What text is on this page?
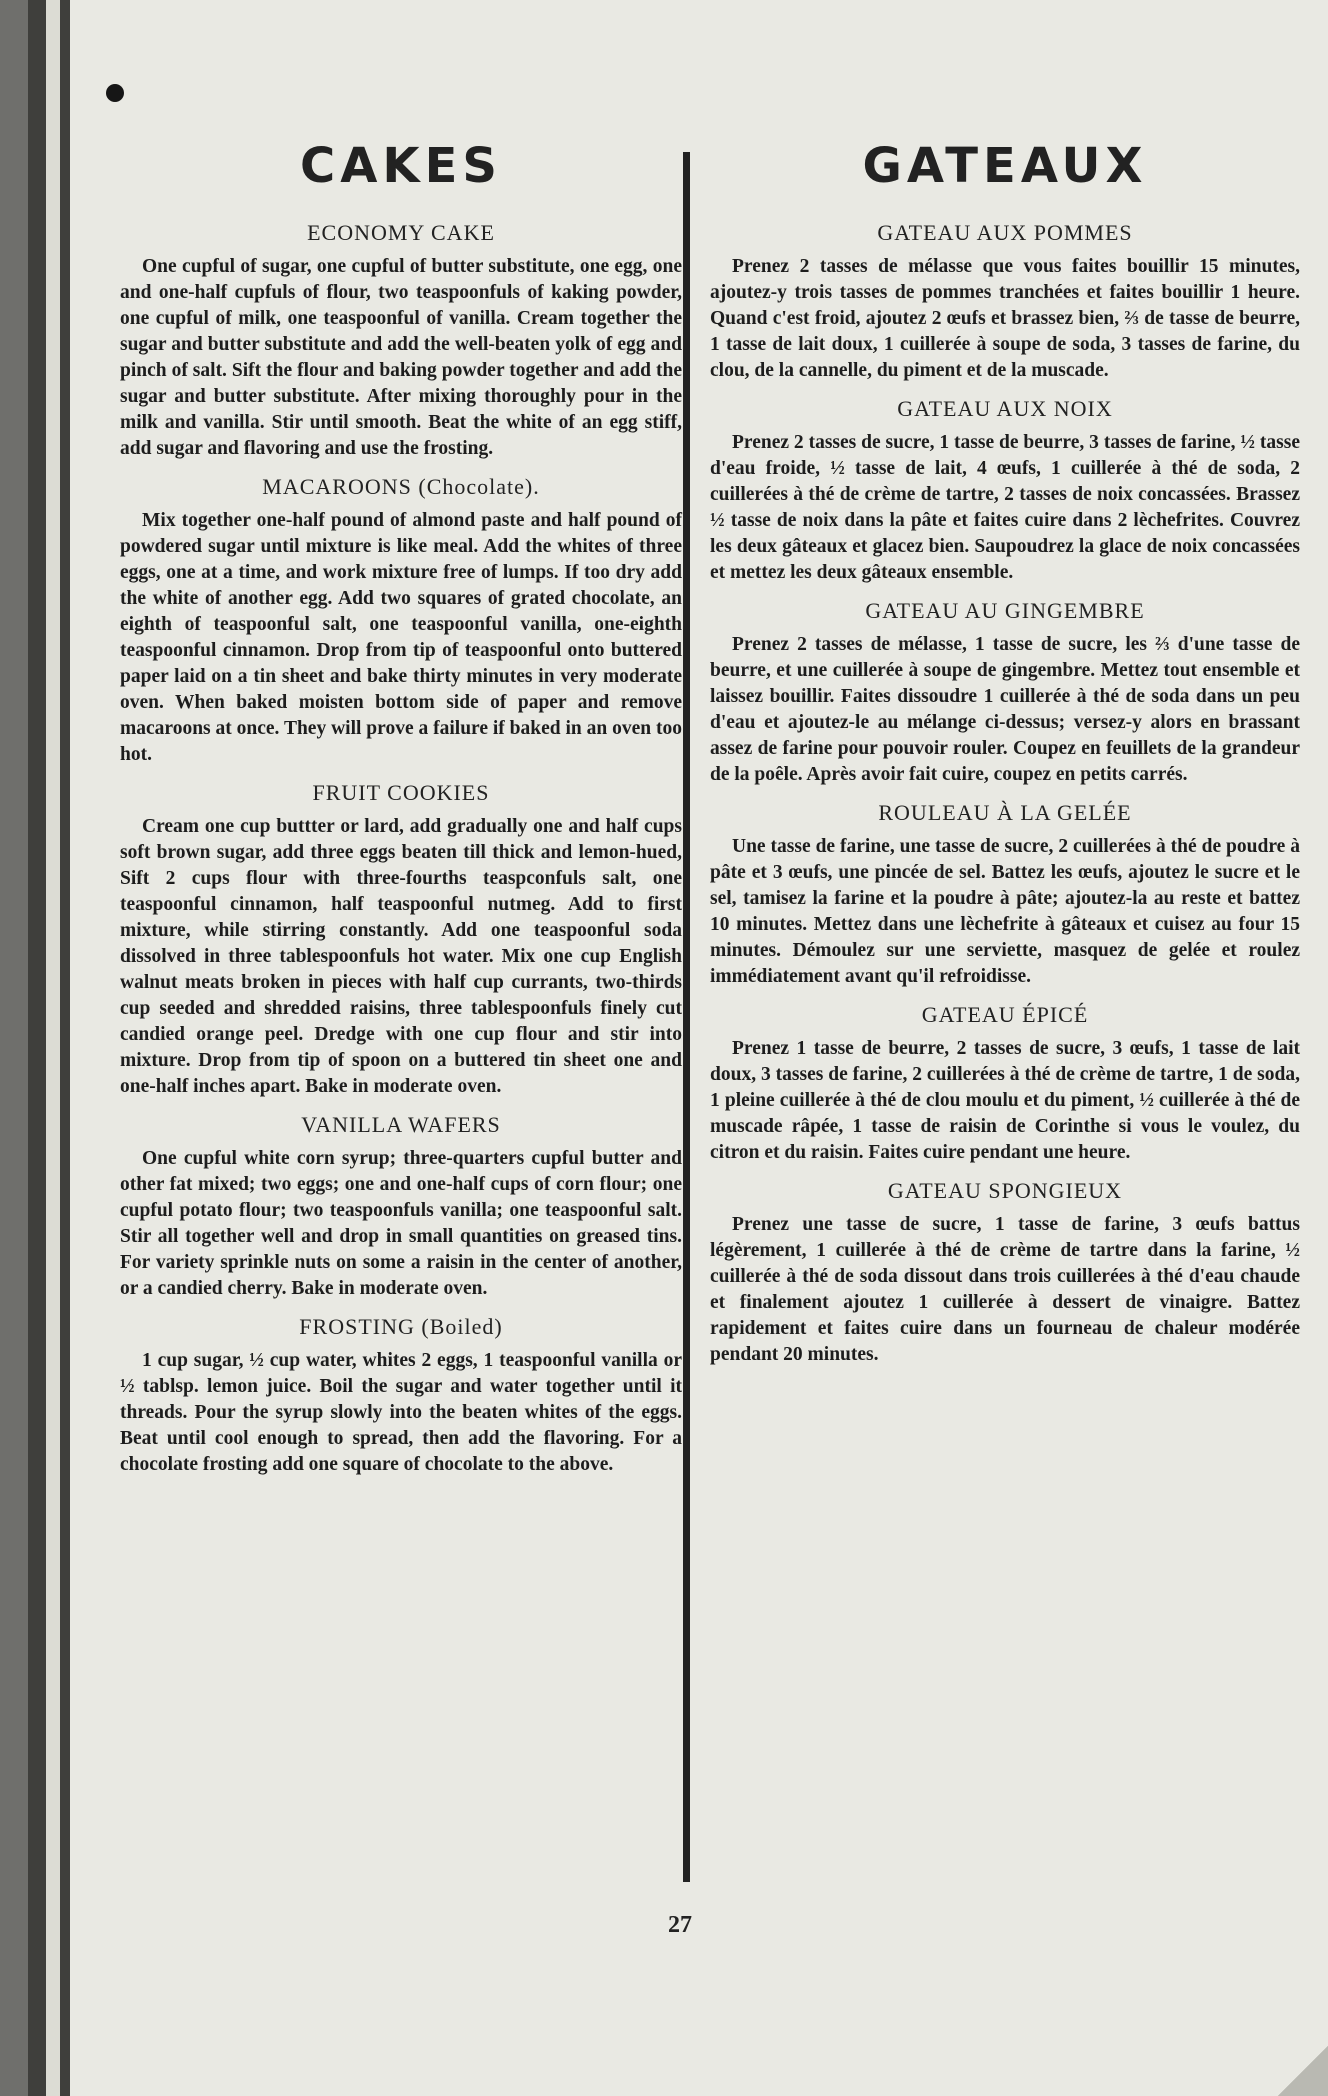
CAKES
ECONOMY CAKE

One cupful of sugar, one cupful of butter substitute, one egg, one and one-half cupfuls of flour, two teaspoonfuls of kaking powder, one cupful of milk, one teaspoonful of vanilla. Cream together the sugar and butter substitute and add the well-beaten yolk of egg and pinch of salt. Sift the flour and baking powder together and add the sugar and butter substitute. After mixing thoroughly pour in the milk and vanilla. Stir until smooth. Beat the white of an egg stiff, add sugar and flavoring and use the frosting.

MACAROONS (Chocolate).

Mix together one-half pound of almond paste and half pound of powdered sugar until mixture is like meal. Add the whites of three eggs, one at a time, and work mixture free of lumps. If too dry add the white of another egg. Add two squares of grated chocolate, an eighth of teaspoonful salt, one teaspoonful vanilla, one-eighth teaspoonful cinnamon. Drop from tip of teaspoonful onto buttered paper laid on a tin sheet and bake thirty minutes in very moderate oven. When baked moisten bottom side of paper and remove macaroons at once. They will prove a failure if baked in an oven too hot.

FRUIT COOKIES

Cream one cup buttter or lard, add gradually one and half cups soft brown sugar, add three eggs beaten till thick and lemon-hued, Sift 2 cups flour with three-fourths teaspconfuls salt, one teaspoonful cinnamon, half teaspoonful nutmeg. Add to first mixture, while stirring constantly. Add one teaspoonful soda dissolved in three tablespoonfuls hot water. Mix one cup English walnut meats broken in pieces with half cup currants, two-thirds cup seeded and shredded raisins, three tablespoonfuls finely cut candied orange peel. Dredge with one cup flour and stir into mixture. Drop from tip of spoon on a buttered tin sheet one and one-half inches apart. Bake in moderate oven.

VANILLA WAFERS

One cupful white corn syrup; three-quarters cupful butter and other fat mixed; two eggs; one and one-half cups of corn flour; one cupful potato flour; two teaspoonfuls vanilla; one teaspoonful salt. Stir all together well and drop in small quantities on greased tins. For variety sprinkle nuts on some a raisin in the center of another, or a candied cherry. Bake in moderate oven.

FROSTING (Boiled)

1 cup sugar, ½ cup water, whites 2 eggs, 1 teaspoonful vanilla or ½ tablsp. lemon juice. Boil the sugar and water together until it threads. Pour the syrup slowly into the beaten whites of the eggs. Beat until cool enough to spread, then add the flavoring. For a chocolate frosting add one square of chocolate to the above.

GATEAUX
GATEAU AUX POMMES

Prenez 2 tasses de mélasse que vous faites bouillir 15 minutes, ajoutez-y trois tasses de pommes tranchées et faites bouillir 1 heure. Quand c'est froid, ajoutez 2 œufs et brassez bien, ⅔ de tasse de beurre, 1 tasse de lait doux, 1 cuillerée à soupe de soda, 3 tasses de farine, du clou, de la cannelle, du piment et de la muscade.

GATEAU AUX NOIX

Prenez 2 tasses de sucre, 1 tasse de beurre, 3 tasses de farine, ½ tasse d'eau froide, ½ tasse de lait, 4 œufs, 1 cuillerée à thé de soda, 2 cuillerées à thé de crème de tartre, 2 tasses de noix concassées. Brassez ½ tasse de noix dans la pâte et faites cuire dans 2 lèchefrites. Couvrez les deux gâteaux et glacez bien. Saupoudrez la glace de noix concassées et mettez les deux gâteaux ensemble.

GATEAU AU GINGEMBRE

Prenez 2 tasses de mélasse, 1 tasse de sucre, les ⅔ d'une tasse de beurre, et une cuillerée à soupe de gingembre. Mettez tout ensemble et laissez bouillir. Faites dissoudre 1 cuillerée à thé de soda dans un peu d'eau et ajoutez-le au mélange ci-dessus; versez-y alors en brassant assez de farine pour pouvoir rouler. Coupez en feuillets de la grandeur de la poêle. Après avoir fait cuire, coupez en petits carrés.

ROULEAU À LA GELÉE

Une tasse de farine, une tasse de sucre, 2 cuillerées à thé de poudre à pâte et 3 œufs, une pincée de sel. Battez les œufs, ajoutez le sucre et le sel, tamisez la farine et la poudre à pâte; ajoutez-la au reste et battez 10 minutes. Mettez dans une lèchefrite à gâteaux et cuisez au four 15 minutes. Démoulez sur une serviette, masquez de gelée et roulez immédiatement avant qu'il refroidisse.

GATEAU ÉPICÉ

Prenez 1 tasse de beurre, 2 tasses de sucre, 3 œufs, 1 tasse de lait doux, 3 tasses de farine, 2 cuillerées à thé de crème de tartre, 1 de soda, 1 pleine cuillerée à thé de clou moulu et du piment, ½ cuillerée à thé de muscade râpée, 1 tasse de raisin de Corinthe si vous le voulez, du citron et du raisin. Faites cuire pendant une heure.

GATEAU SPONGIEUX

Prenez une tasse de sucre, 1 tasse de farine, 3 œufs battus légèrement, 1 cuillerée à thé de crème de tartre dans la farine, ½ cuillerée à thé de soda dissout dans trois cuillerées à thé d'eau chaude et finalement ajoutez 1 cuillerée à dessert de vinaigre. Battez rapidement et faites cuire dans un fourneau de chaleur modérée pendant 20 minutes.

27
